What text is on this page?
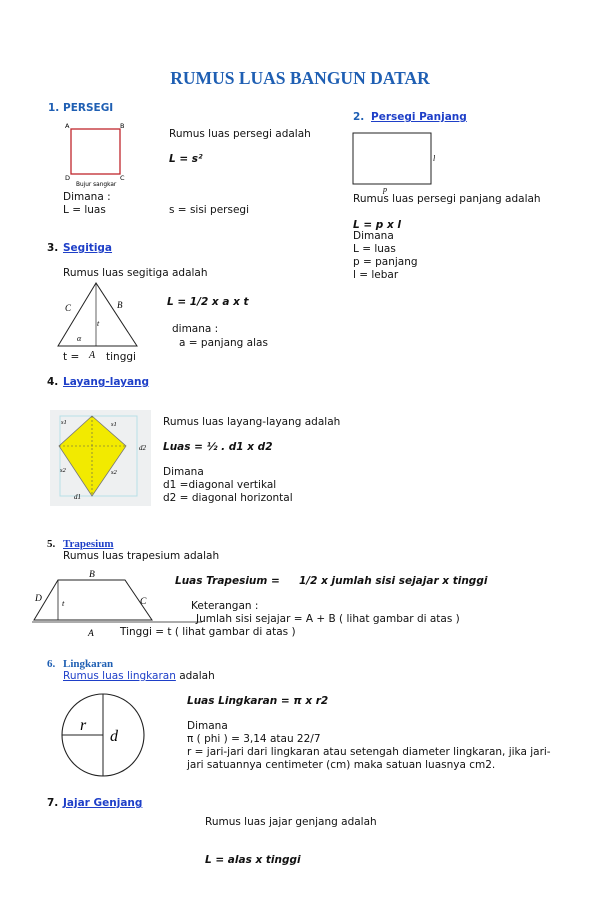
RUMUS LUAS BANGUN DATAR
1. PERSEGI
A	B
C
D
Bujur sangkar
Rumus luas persegi adalah
L = s²
Dimana :
L = luas	s = sisi persegi
2. Persegi Panjang
l
p
Rumus luas persegi panjang adalah
L = p x l
Dimana
L = luas
p = panjang
l = lebar
3. Segitiga
Rumus luas segitiga adalah
C	B
t
α
A
L = 1/2 x a x t
dimana :
a = panjang alas
t =	tinggi
4. Layang-layang
s1	s1
s2	s2
d2
d1
Rumus luas layang-layang adalah
Luas = ½ . d1 x d2
Dimana
d1 =diagonal vertikal
d2 = diagonal horizontal
5. Trapesium
Rumus luas trapesium adalah
B
D t	C
A
Luas Trapesium = 1/2 x jumlah sisi sejajar x tinggi
Keterangan :
Jumlah sisi sejajar = A + B ( lihat gambar di atas )
Tinggi = t ( lihat gambar di atas )
6. Lingkaran
Rumus luas lingkaran adalah
r
d
Luas Lingkaran = π x r2
Dimana
π ( phi ) = 3,14 atau 22/7
r = jari-jari dari lingkaran atau setengah diameter lingkaran, jika jari-
jari satuannya centimeter (cm) maka satuan luasnya cm2.
7. Jajar Genjang
Rumus luas jajar genjang adalah
L = alas x tinggi
